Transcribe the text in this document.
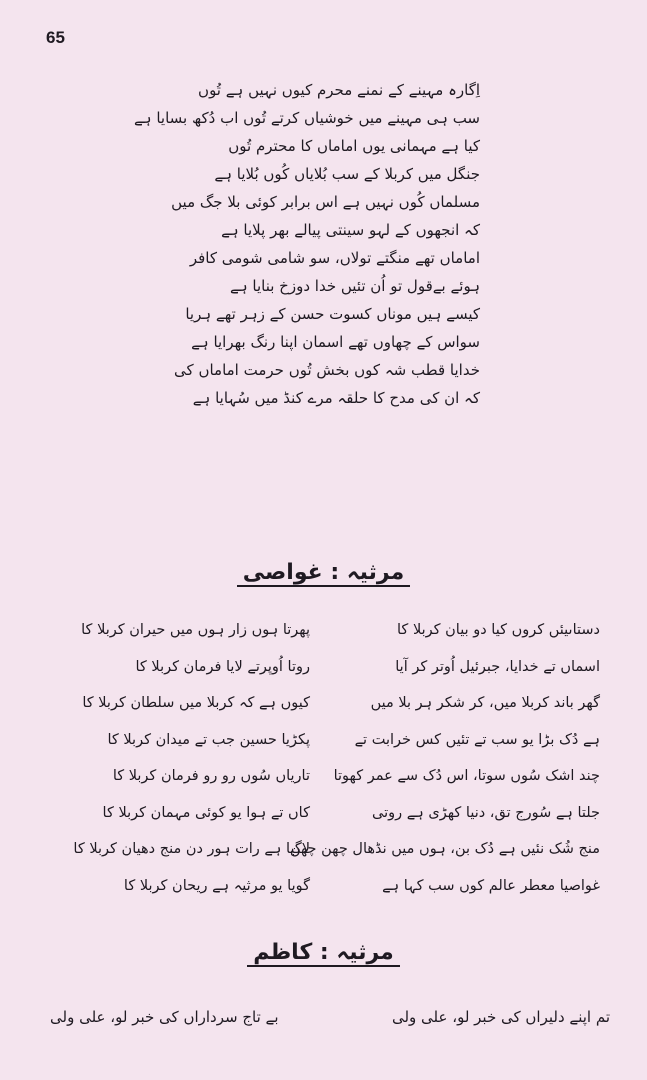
65
اِگارہ مہینے کے نمنے محرم کیوں نہیں ہے تُوں
سب ہی مہینے میں خوشیاں کرتے تُوں اب دُکھ بسایا ہے
کیا ہے مہمانی یوں اماماں کا محترم تُوں
جنگل میں کربلا کے سب بُلایاں کُوں بُلایا ہے
مسلماں کُوں نہیں ہے اس برابر کوئی بلا جگ میں
کہ انجھوں کے لہو سینتی پیالے بھر پلایا ہے
اماماں تھے منگتے تولاں، سو شامی شومی کافر
ہوئے بےقول تو اُن تئیں خدا دوزخ بنایا ہے
کیسے ہیں موناں کسوت حسن کے زہر تھے ہریا
سواس کے چھاوں تھے اسمان اپنا رنگ بھرایا ہے
خدایا قطب شہ کوں بخش تُوں حرمت اماماں کی
کہ ان کی مدح کا حلقہ مرے کنڈ میں سُہایا ہے
مرثیہ : غواصی
دستاںیئں کروں کیا دو بیان کربلا کا
پھرتا ہوں زار ہوں میں حیران کربلا کا
اسماں تے خدایا، جبرئیل اُوتر کر آیا
روتا اُوپرتے لایا فرمان کربلا کا
گھر باند کربلا میں، کر شکر ہر بلا میں
کیوں ہے کہ کربلا میں سلطان کربلا کا
ہے دُک بڑا یو سب تے تئیں کس خرابت تے
پکڑیا حسین جب تے میدان کربلا کا
چند اشک سُوں سوتا، اس دُک سے عمر کھوتا
تاریاں سُوں رو رو فرمان کربلا کا
جلتا ہے سُورج تق، دنیا کھڑی ہے روتی
کاں تے ہوا یو کوئی مہمان کربلا کا
منج شُک نئیں ہے دُک بن، ہوں میں نڈھال چھن چھن
لاگیا ہے رات ہور دن منج دھیان کربلا کا
غواصیا معطر عالم کوں سب کہا ہے
گویا یو مرثیہ ہے ریحان کربلا کا
مرثیہ : کاظم
تم اپنے دلیراں کی خبر لو، علی ولی
بے تاج سرداراں کی خبر لو، علی ولی
